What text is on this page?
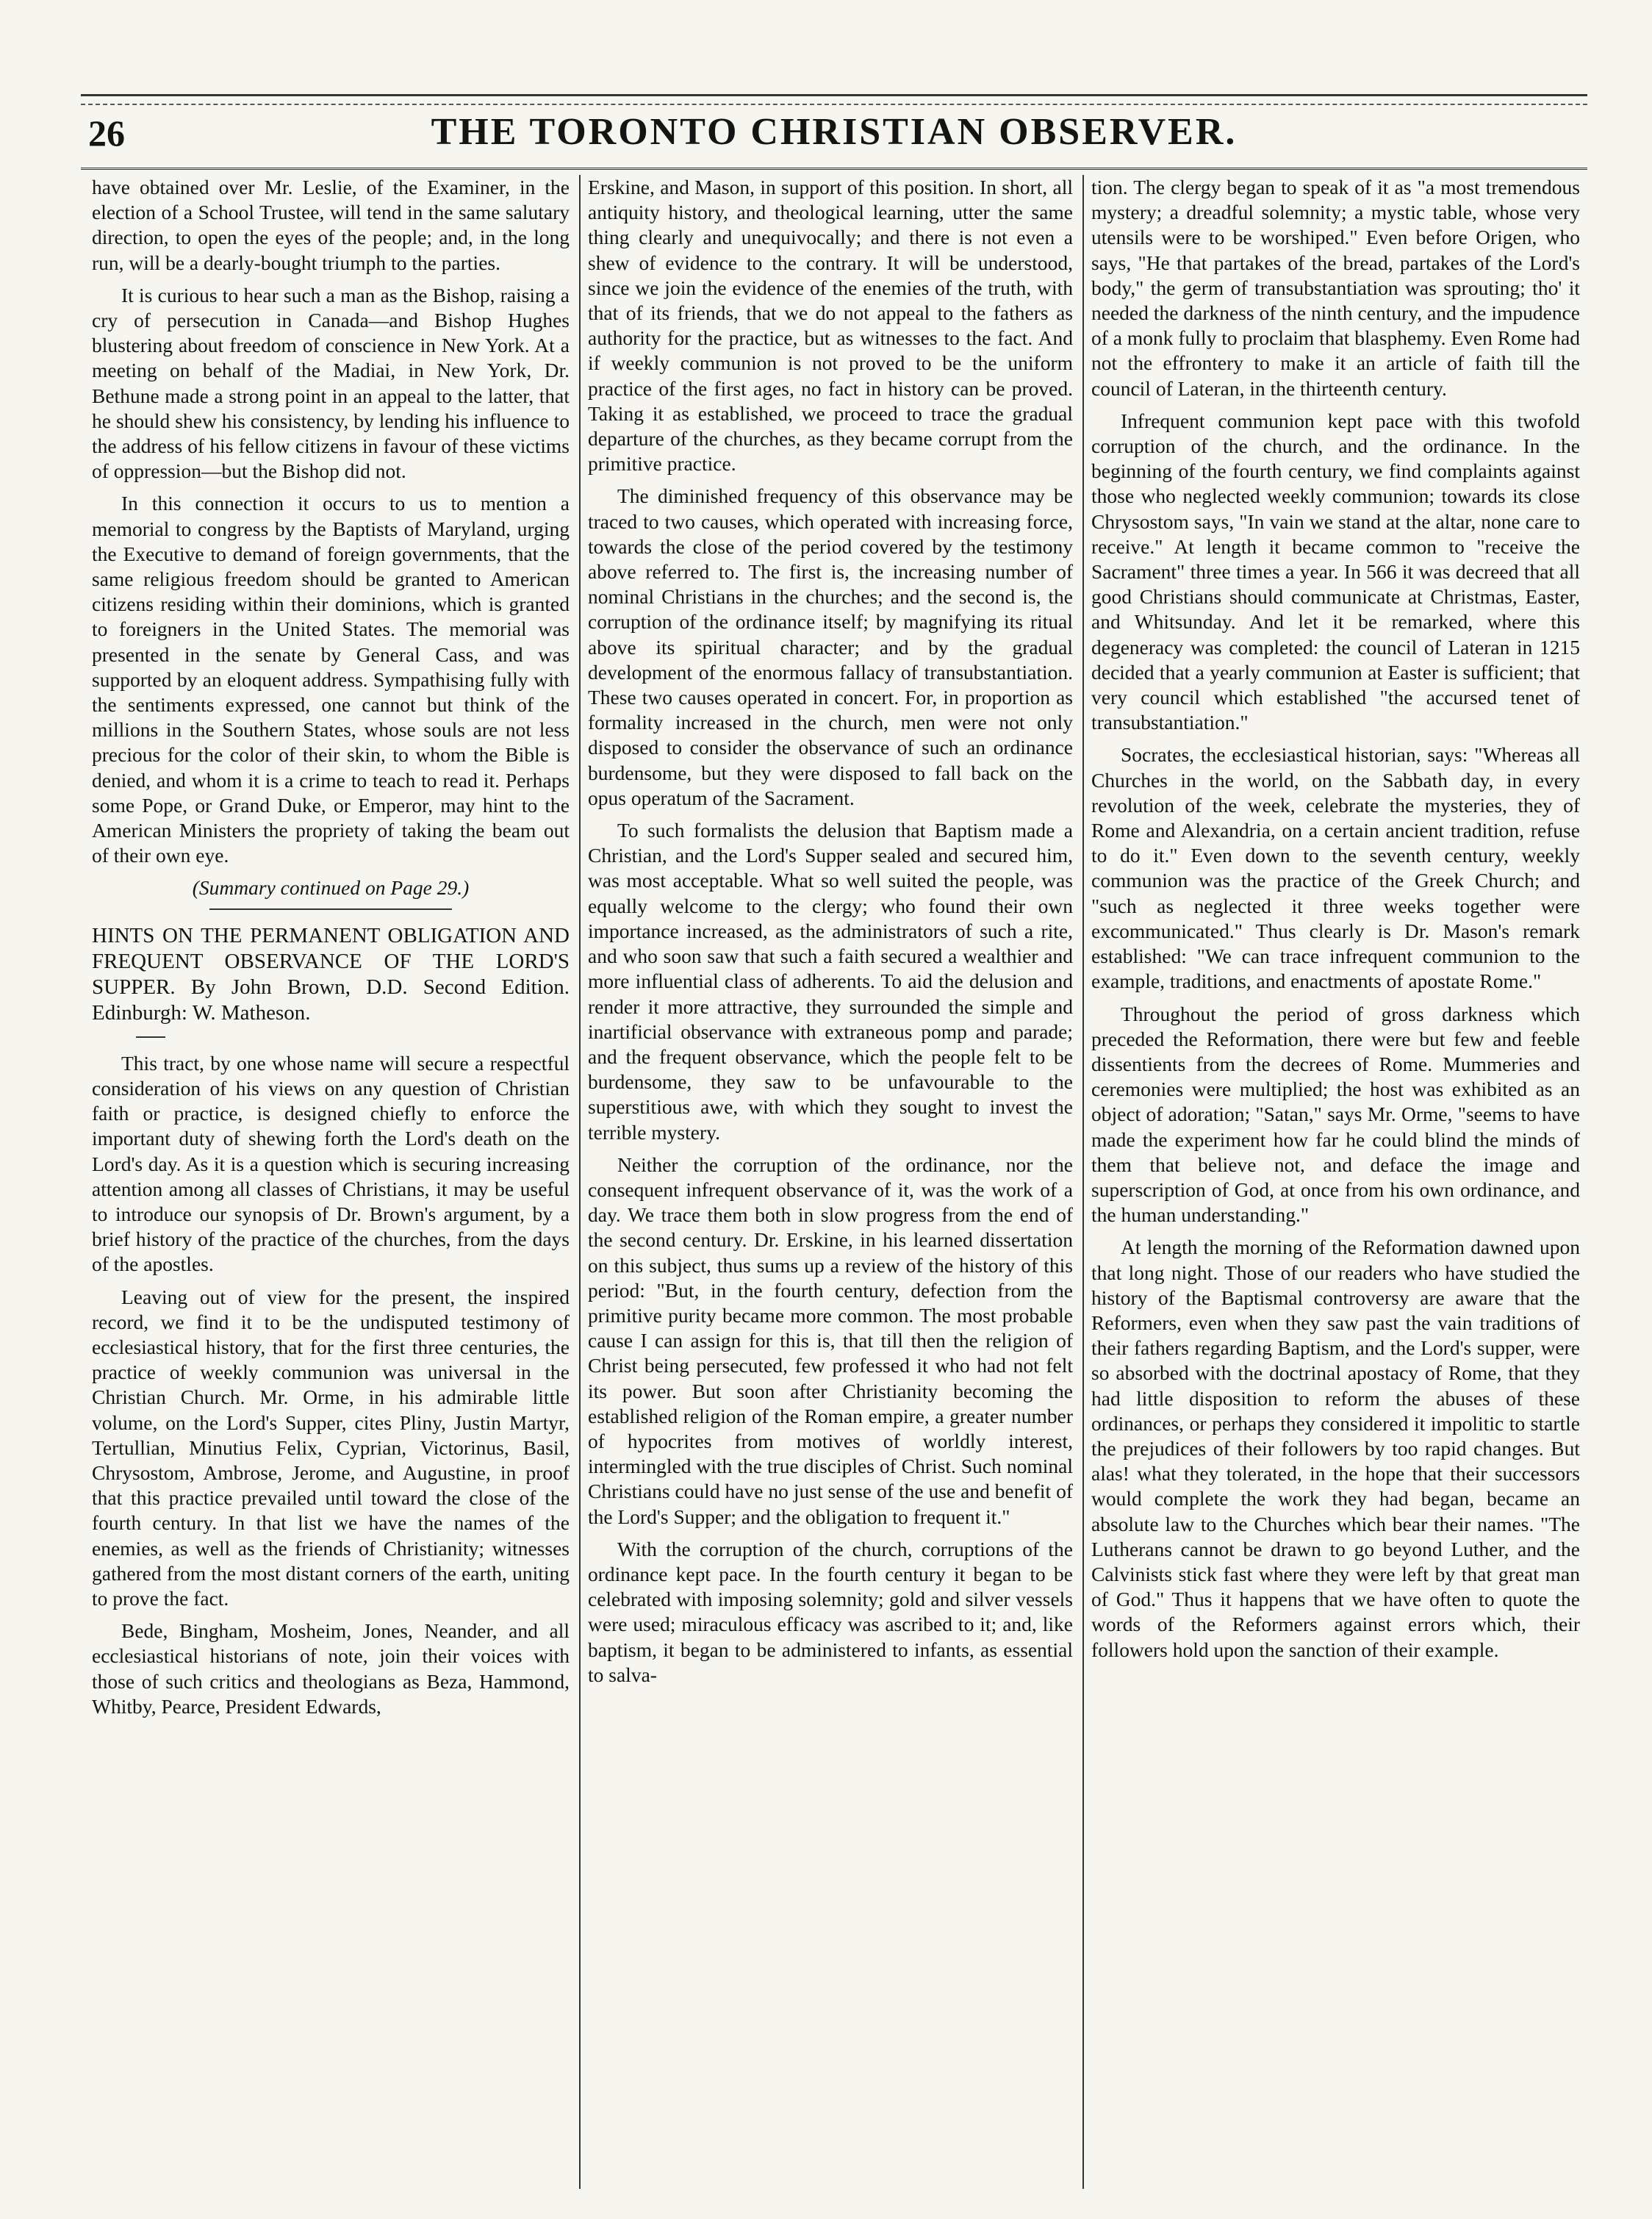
THE TORONTO CHRISTIAN OBSERVER.
26

have obtained over Mr. Leslie, of the Examiner, in the election of a School Trustee, will tend in the same salutary direction, to open the eyes of the people; and, in the long run, will be a dearly-bought triumph to the parties.

It is curious to hear such a man as the Bishop, raising a cry of persecution in Canada—and Bishop Hughes blustering about freedom of conscience in New York. At a meeting on behalf of the Madiai, in New York, Dr. Bethune made a strong point in an appeal to the latter, that he should shew his consistency, by lending his influence to the address of his fellow citizens in favour of these victims of oppression—but the Bishop did not.

In this connection it occurs to us to mention a memorial to congress by the Baptists of Maryland, urging the Executive to demand of foreign governments, that the same religious freedom should be granted to American citizens residing within their dominions, which is granted to foreigners in the United States. The memorial was presented in the senate by General Cass, and was supported by an eloquent address. Sympathising fully with the sentiments expressed, one cannot but think of the millions in the Southern States, whose souls are not less precious for the color of their skin, to whom the Bible is denied, and whom it is a crime to teach to read it. Perhaps some Pope, or Grand Duke, or Emperor, may hint to the American Ministers the propriety of taking the beam out of their own eye.

(Summary continued on Page 29.)

HINTS ON THE PERMANENT OBLIGATION AND FREQUENT OBSERVANCE OF THE LORD'S SUPPER. By John Brown, D.D. Second Edition. Edinburgh: W. Matheson.

This tract, by one whose name will secure a respectful consideration of his views on any question of Christian faith or practice, is designed chiefly to enforce the important duty of shewing forth the Lord's death on the Lord's day. As it is a question which is securing increasing attention among all classes of Christians, it may be useful to introduce our synopsis of Dr. Brown's argument, by a brief history of the practice of the churches, from the days of the apostles.

Leaving out of view for the present, the inspired record, we find it to be the undisputed testimony of ecclesiastical history, that for the first three centuries, the practice of weekly communion was universal in the Christian Church. Mr. Orme, in his admirable little volume, on the Lord's Supper, cites Pliny, Justin Martyr, Tertullian, Minutius Felix, Cyprian, Victorinus, Basil, Chrysostom, Ambrose, Jerome, and Augustine, in proof that this practice prevailed until toward the close of the fourth century. In that list we have the names of the enemies, as well as the friends of Christianity; witnesses gathered from the most distant corners of the earth, uniting to prove the fact.

Bede, Bingham, Mosheim, Jones, Neander, and all ecclesiastical historians of note, join their voices with those of such critics and theologians as Beza, Hammond, Whitby, Pearce, President Edwards,

Erskine, and Mason, in support of this position. In short, all antiquity history, and theological learning, utter the same thing clearly and unequivocally; and there is not even a shew of evidence to the contrary. It will be understood, since we join the evidence of the enemies of the truth, with that of its friends, that we do not appeal to the fathers as authority for the practice, but as witnesses to the fact. And if weekly communion is not proved to be the uniform practice of the first ages, no fact in history can be proved. Taking it as established, we proceed to trace the gradual departure of the churches, as they became corrupt from the primitive practice.

The diminished frequency of this observance may be traced to two causes, which operated with increasing force, towards the close of the period covered by the testimony above referred to. The first is, the increasing number of nominal Christians in the churches; and the second is, the corruption of the ordinance itself; by magnifying its ritual above its spiritual character; and by the gradual development of the enormous fallacy of transubstantiation. These two causes operated in concert. For, in proportion as formality increased in the church, men were not only disposed to consider the observance of such an ordinance burdensome, but they were disposed to fall back on the opus operatum of the Sacrament.

To such formalists the delusion that Baptism made a Christian, and the Lord's Supper sealed and secured him, was most acceptable. What so well suited the people, was equally welcome to the clergy; who found their own importance increased, as the administrators of such a rite, and who soon saw that such a faith secured a wealthier and more influential class of adherents. To aid the delusion and render it more attractive, they surrounded the simple and inartificial observance with extraneous pomp and parade; and the frequent observance, which the people felt to be burdensome, they saw to be unfavourable to the superstitious awe, with which they sought to invest the terrible mystery.

Neither the corruption of the ordinance, nor the consequent infrequent observance of it, was the work of a day. We trace them both in slow progress from the end of the second century. Dr. Erskine, in his learned dissertation on this subject, thus sums up a review of the history of this period: "But, in the fourth century, defection from the primitive purity became more common. The most probable cause I can assign for this is, that till then the religion of Christ being persecuted, few professed it who had not felt its power. But soon after Christianity becoming the established religion of the Roman empire, a greater number of hypocrites from motives of worldly interest, intermingled with the true disciples of Christ. Such nominal Christians could have no just sense of the use and benefit of the Lord's Supper; and the obligation to frequent it."

With the corruption of the church, corruptions of the ordinance kept pace. In the fourth century it began to be celebrated with imposing solemnity; gold and silver vessels were used; miraculous efficacy was ascribed to it; and, like baptism, it began to be administered to infants, as essential to salva-

tion. The clergy began to speak of it as "a most tremendous mystery; a dreadful solemnity; a mystic table, whose very utensils were to be worshiped." Even before Origen, who says, "He that partakes of the bread, partakes of the Lord's body," the germ of transubstantiation was sprouting; tho' it needed the darkness of the ninth century, and the impudence of a monk fully to proclaim that blasphemy. Even Rome had not the effrontery to make it an article of faith till the council of Lateran, in the thirteenth century.

Infrequent communion kept pace with this twofold corruption of the church, and the ordinance. In the beginning of the fourth century, we find complaints against those who neglected weekly communion; towards its close Chrysostom says, "In vain we stand at the altar, none care to receive." At length it became common to "receive the Sacrament" three times a year. In 566 it was decreed that all good Christians should communicate at Christmas, Easter, and Whitsunday. And let it be remarked, where this degeneracy was completed: the council of Lateran in 1215 decided that a yearly communion at Easter is sufficient; that very council which established "the accursed tenet of transubstantiation."

Socrates, the ecclesiastical historian, says: "Whereas all Churches in the world, on the Sabbath day, in every revolution of the week, celebrate the mysteries, they of Rome and Alexandria, on a certain ancient tradition, refuse to do it." Even down to the seventh century, weekly communion was the practice of the Greek Church; and "such as neglected it three weeks together were excommunicated." Thus clearly is Dr. Mason's remark established: "We can trace infrequent communion to the example, traditions, and enactments of apostate Rome."

Throughout the period of gross darkness which preceded the Reformation, there were but few and feeble dissentients from the decrees of Rome. Mummeries and ceremonies were multiplied; the host was exhibited as an object of adoration; "Satan," says Mr. Orme, "seems to have made the experiment how far he could blind the minds of them that believe not, and deface the image and superscription of God, at once from his own ordinance, and the human understanding."

At length the morning of the Reformation dawned upon that long night. Those of our readers who have studied the history of the Baptismal controversy are aware that the Reformers, even when they saw past the vain traditions of their fathers regarding Baptism, and the Lord's supper, were so absorbed with the doctrinal apostacy of Rome, that they had little disposition to reform the abuses of these ordinances, or perhaps they considered it impolitic to startle the prejudices of their followers by too rapid changes. But alas! what they tolerated, in the hope that their successors would complete the work they had began, became an absolute law to the Churches which bear their names. "The Lutherans cannot be drawn to go beyond Luther, and the Calvinists stick fast where they were left by that great man of God." Thus it happens that we have often to quote the words of the Reformers against errors which, their followers hold upon the sanction of their example.
